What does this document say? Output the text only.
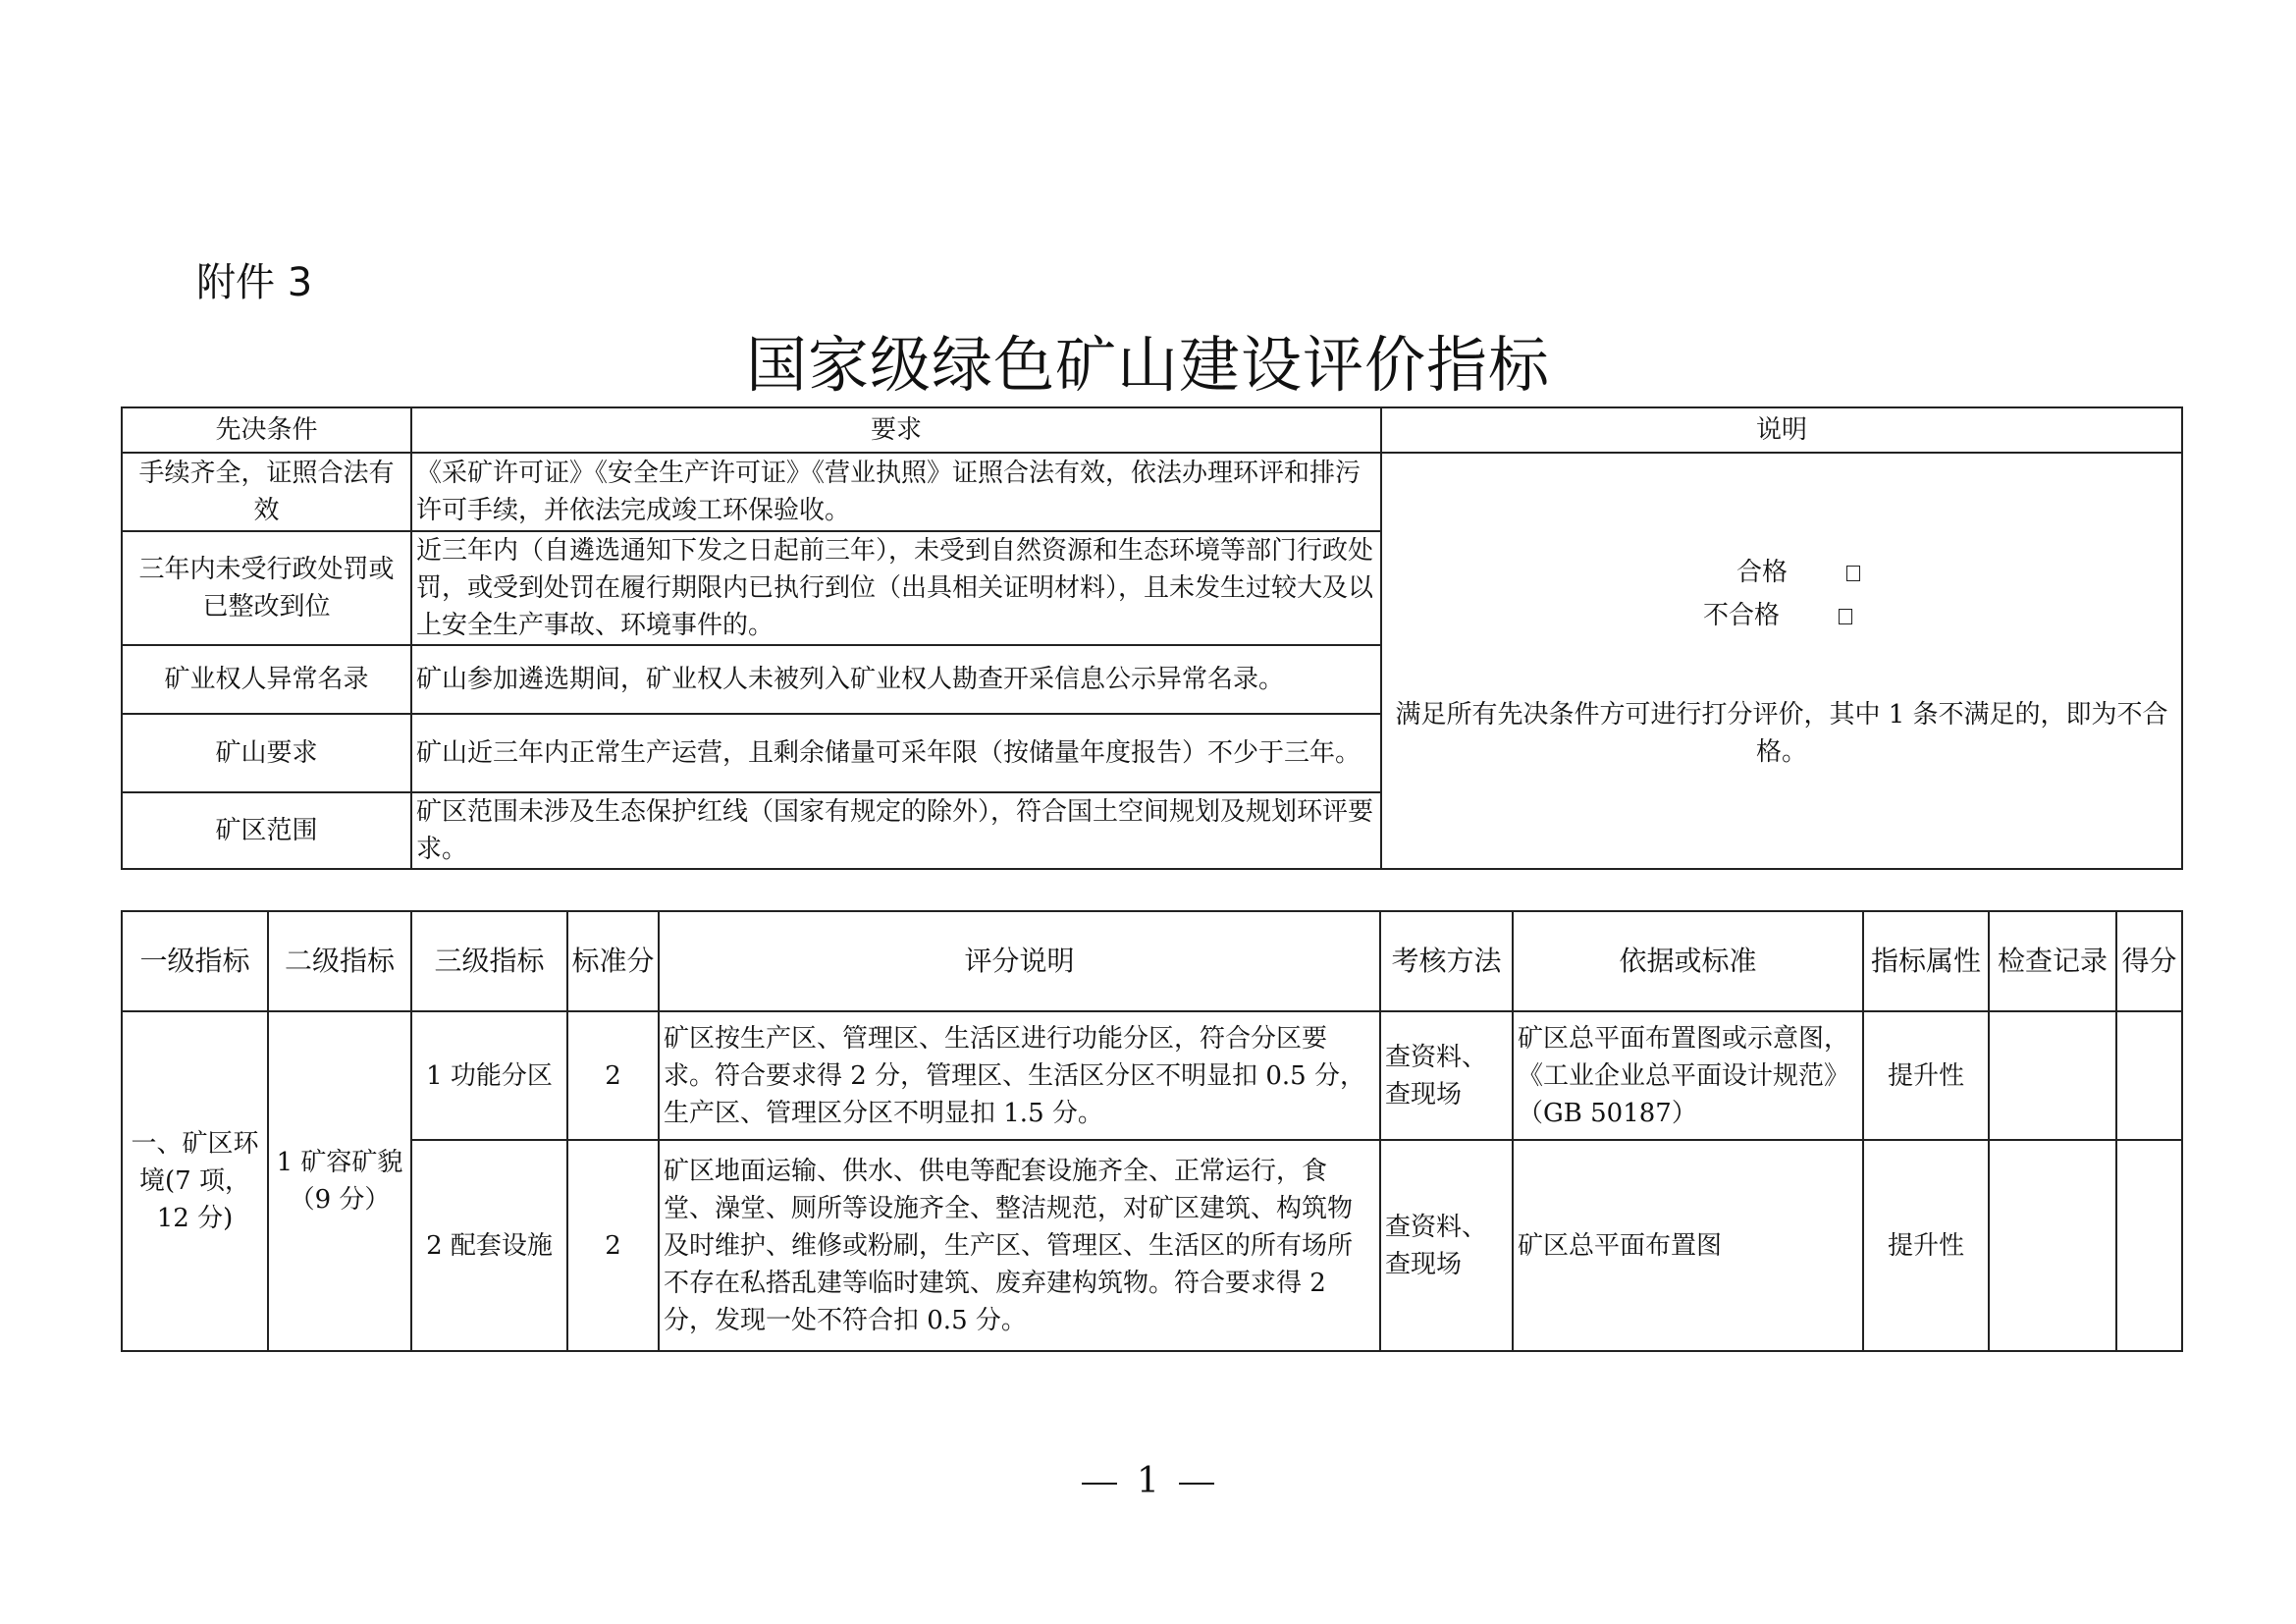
附件 3
国家级绿色矿山建设评价指标
先决条件	要求	说明
手续齐全，证照合法有效	《采矿许可证》《安全生产许可证》《营业执照》证照合法有效，依法办理环评和排污许可手续，并依法完成竣工环保验收。	合格
不合格
满足所有先决条件方可进行打分评价，其中 1 条不满足的，即为不合格。

三年内未受行政处罚或已整改到位	近三年内（自遴选通知下发之日起前三年），未受到自然资源和生态环境等部门行政处罚，或受到处罚在履行期限内已执行到位（出具相关证明材料），且未发生过较大及以上安全生产事故、环境事件的。	
矿业权人异常名录	矿山参加遴选期间，矿业权人未被列入矿业权人勘查开采信息公示异常名录。	
矿山要求	矿山近三年内正常生产运营，且剩余储量可采年限（按储量年度报告）不少于三年。	
矿区范围	矿区范围未涉及生态保护红线（国家有规定的除外），符合国土空间规划及规划环评要求。	
一级指标	二级指标	三级指标	标准分	评分说明	考核方法	依据或标准	指标属性	检查记录	得分
一、矿区环境(7 项，12 分)	1 矿容矿貌（9 分）	1 功能分区	2	矿区按生产区、管理区、生活区进行功能分区，符合分区要求。符合要求得 2 分，管理区、生活区分区不明显扣 0.5 分，生产区、管理区分区不明显扣 1.5 分。	查资料、查现场	矿区总平面布置图或示意图，《工业企业总平面设计规范》（GB 50187）	提升性		
		2 配套设施	2	矿区地面运输、供水、供电等配套设施齐全、正常运行，食堂、澡堂、厕所等设施齐全、整洁规范，对矿区建筑、构筑物及时维护、维修或粉刷，生产区、管理区、生活区的所有场所不存在私搭乱建等临时建筑、废弃建构筑物。符合要求得 2 分，发现一处不符合扣 0.5 分。	查资料、查现场	矿区总平面布置图	提升性		
1
